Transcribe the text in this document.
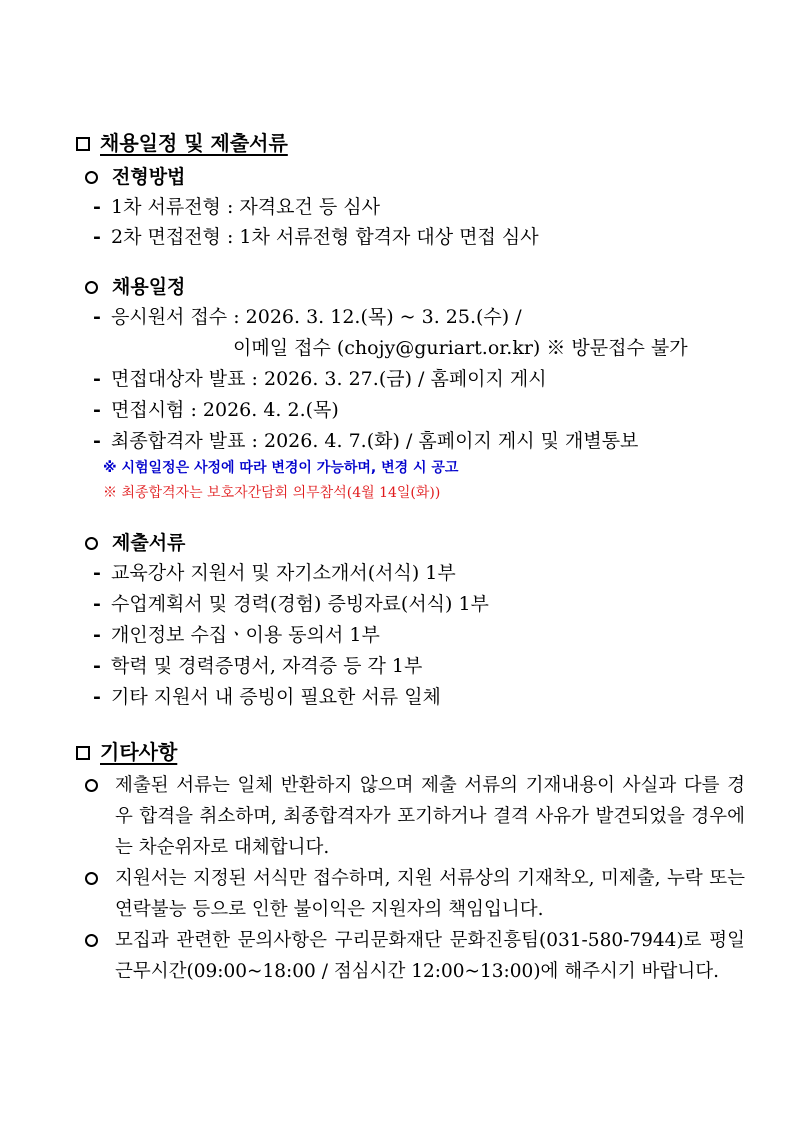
채용일정 및 제출서류
전형방법
- 1차 서류전형 : 자격요건 등 심사
- 2차 면접전형 : 1차 서류전형 합격자 대상 면접 심사
채용일정
- 응시원서 접수 : 2026. 3. 12.(목) ~ 3. 25.(수) /
이메일 접수 (chojy@guriart.or.kr) ※ 방문접수 불가
- 면접대상자 발표 : 2026. 3. 27.(금) / 홈페이지 게시
- 면접시험 : 2026. 4. 2.(목)
- 최종합격자 발표 : 2026. 4. 7.(화) / 홈페이지 게시 및 개별통보
※ 시험일정은 사정에 따라 변경이 가능하며, 변경 시 공고
※ 최종합격자는 보호자간담회 의무참석(4월 14일(화))
제출서류
- 교육강사 지원서 및 자기소개서(서식) 1부
- 수업계획서 및 경력(경험) 증빙자료(서식) 1부
- 개인정보 수집ㆍ이용 동의서 1부
- 학력 및 경력증명서, 자격증 등 각 1부
- 기타 지원서 내 증빙이 필요한 서류 일체
기타사항
제출된 서류는 일체 반환하지 않으며 제출 서류의 기재내용이 사실과 다를 경우 합격을 취소하며, 최종합격자가 포기하거나 결격 사유가 발견되었을 경우에는 차순위자로 대체합니다.
지원서는 지정된 서식만 접수하며, 지원 서류상의 기재착오, 미제출, 누락 또는 연락불능 등으로 인한 불이익은 지원자의 책임입니다.
모집과 관련한 문의사항은 구리문화재단 문화진흥팀(031-580-7944)로 평일 근무시간(09:00~18:00 / 점심시간 12:00~13:00)에 해주시기 바랍니다.
